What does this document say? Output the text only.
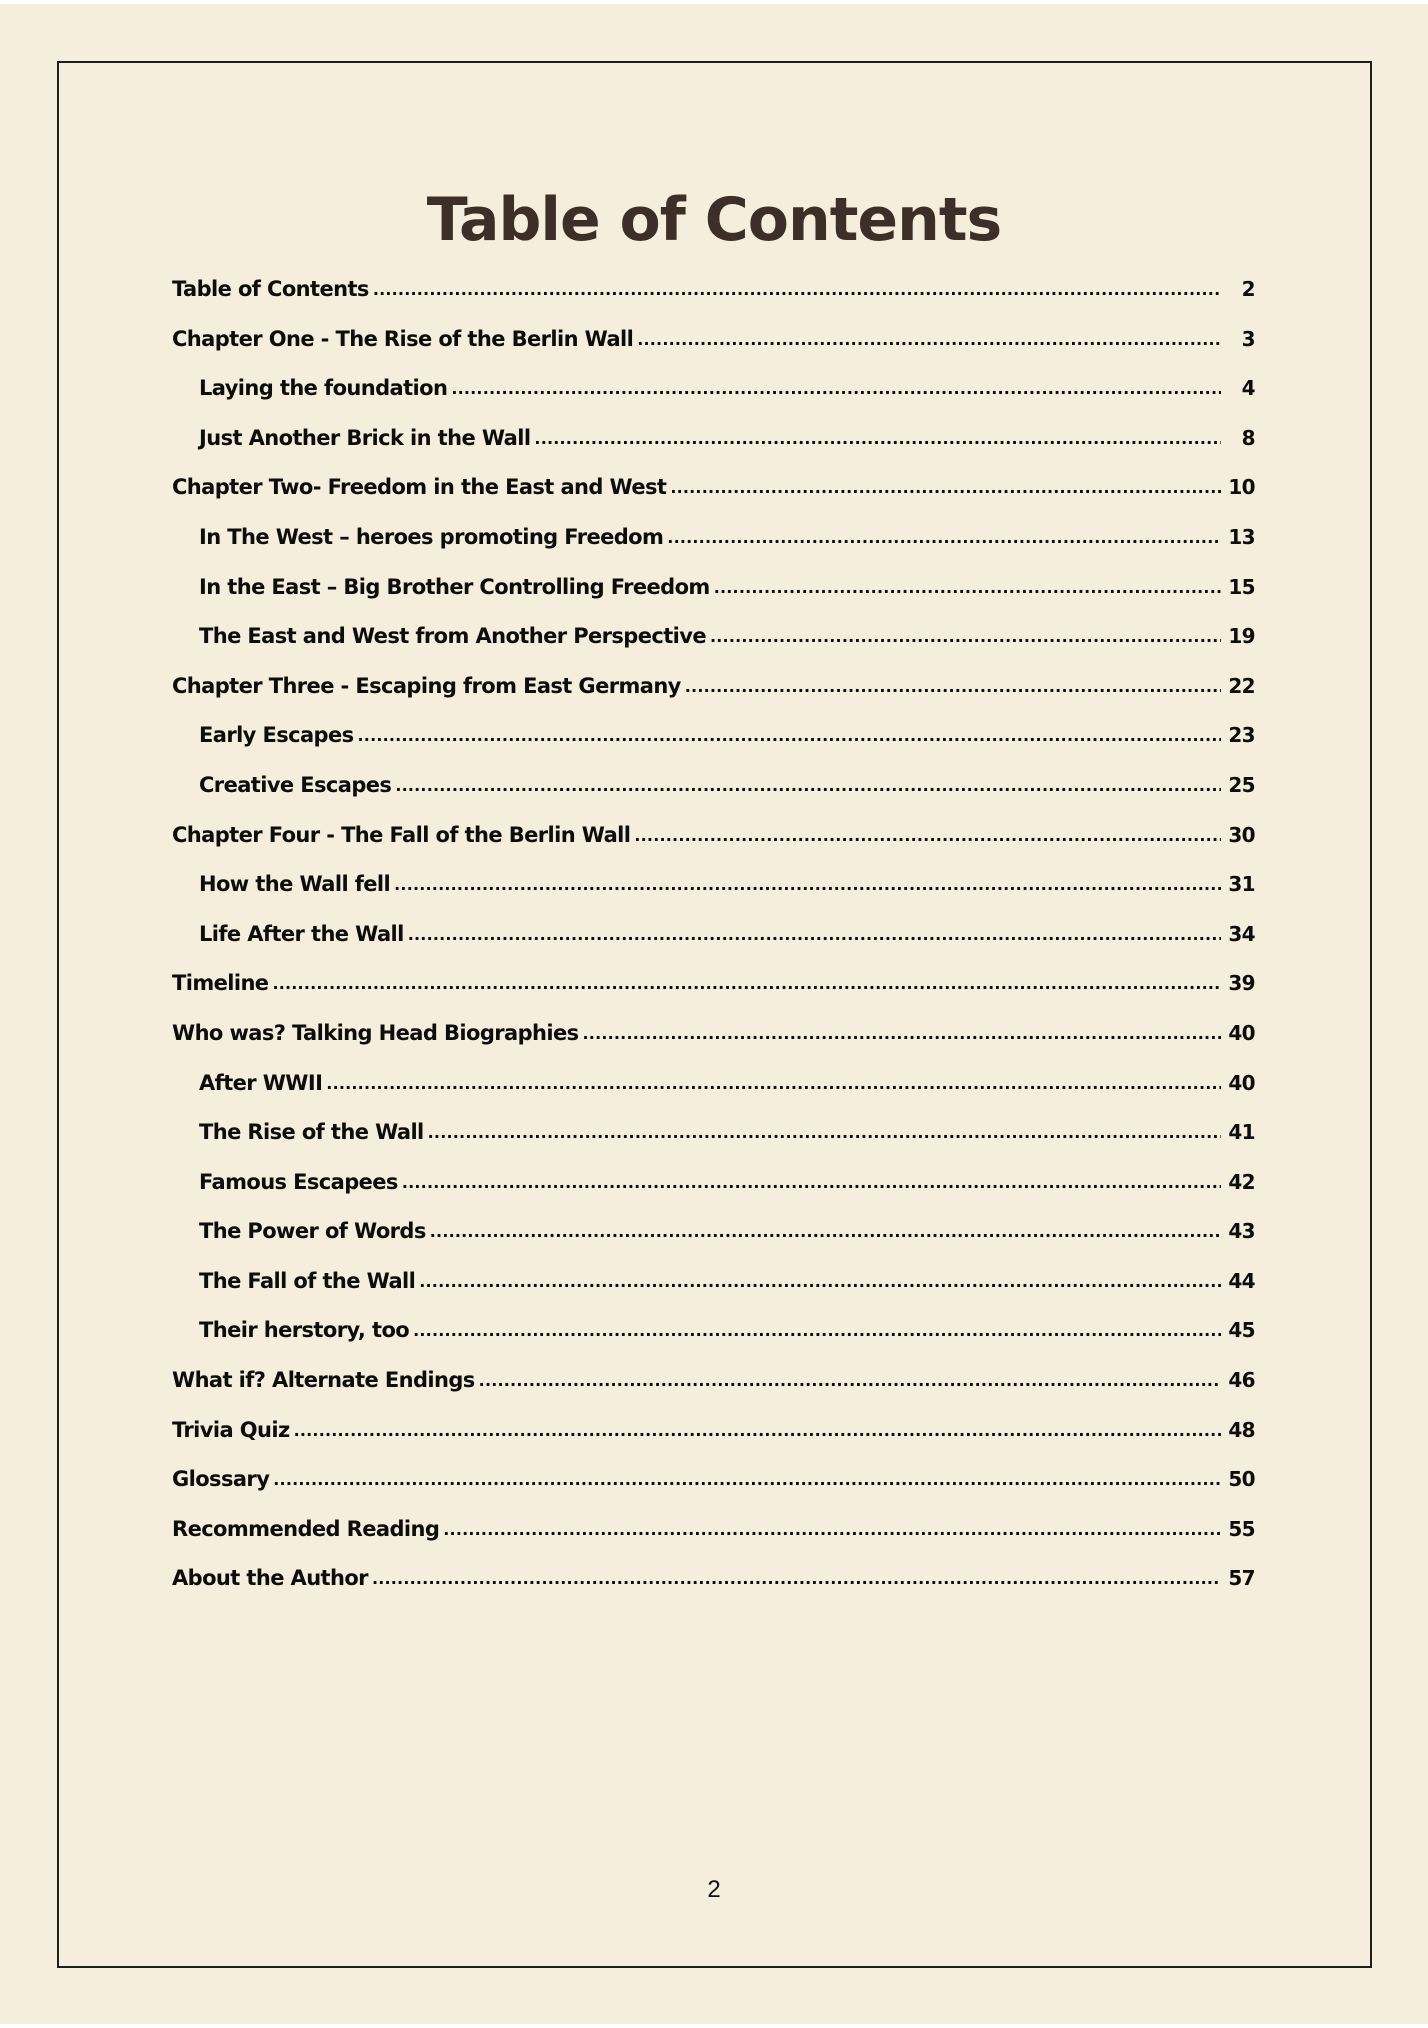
Table of Contents
Table of Contents .....	2
Chapter One - The Rise of the Berlin Wall .....	3
Laying the foundation .....	4
Just Another Brick in the Wall .....	8
Chapter Two- Freedom in the East and West .....	10
In The West – heroes promoting Freedom .....	13
In the East – Big Brother Controlling Freedom .....	15
The East and West from Another Perspective .....	19
Chapter Three - Escaping from East Germany .....	22
Early Escapes .....	23
Creative Escapes .....	25
Chapter Four - The Fall of the Berlin Wall .....	30
How the Wall fell .....	31
Life After the Wall .....	34
Timeline .....	39
Who was? Talking Head Biographies .....	40
After WWII .....	40
The Rise of the Wall .....	41
Famous Escapees .....	42
The Power of Words .....	43
The Fall of the Wall .....	44
Their herstory, too .....	45
What if? Alternate Endings .....	46
Trivia Quiz .....	48
Glossary .....	50
Recommended Reading .....	55
About the Author .....	57
2
